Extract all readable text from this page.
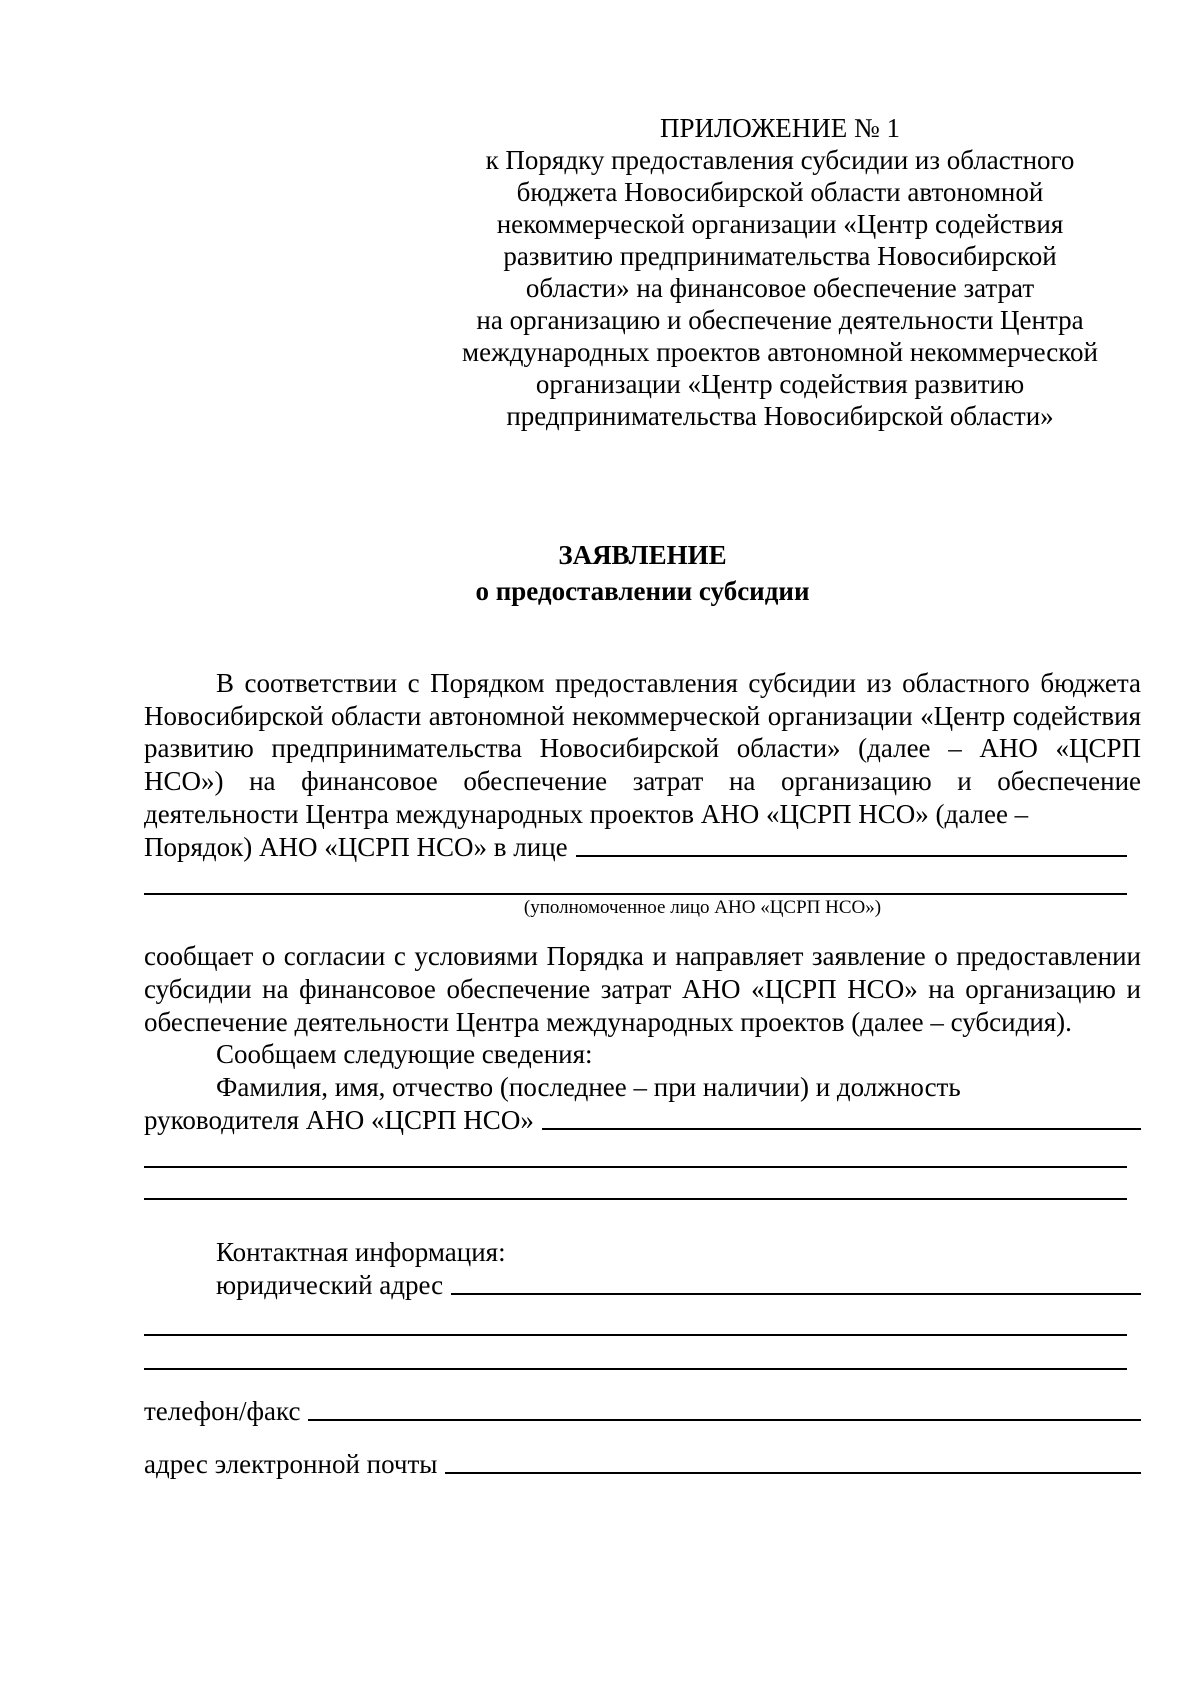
ПРИЛОЖЕНИЕ № 1
к Порядку предоставления субсидии из областного
бюджета Новосибирской области автономной
некоммерческой организации «Центр содействия
развитию предпринимательства Новосибирской
области» на финансовое обеспечение затрат
на организацию и обеспечение деятельности Центра
международных проектов автономной некоммерческой
организации «Центр содействия развитию
предпринимательства Новосибирской области»
ЗАЯВЛЕНИЕ
о предоставлении субсидии

В соответствии с Порядком предоставления субсидии из областного бюджета Новосибирской области автономной некоммерческой организации «Центр содействия развитию предпринимательства Новосибирской области» (далее – АНО «ЦСРП НСО») на финансовое обеспечение затрат на организацию и обеспечение деятельности Центра международных проектов АНО «ЦСРП НСО» (далее –

Порядок) АНО «ЦСРП НСО» в лице
(уполномоченное лицо АНО «ЦСРП НСО»)

сообщает о согласии с условиями Порядка и направляет заявление о предоставлении субсидии на финансовое обеспечение затрат АНО «ЦСРП НСО» на организацию и обеспечение деятельности Центра международных проектов (далее – субсидия).

Сообщаем следующие сведения:

Фамилия, имя, отчество (последнее – при наличии) и должность

руководителя АНО «ЦСРП НСО»
Контактная информация:
юридический адрес
телефон/факс
адрес электронной почты
